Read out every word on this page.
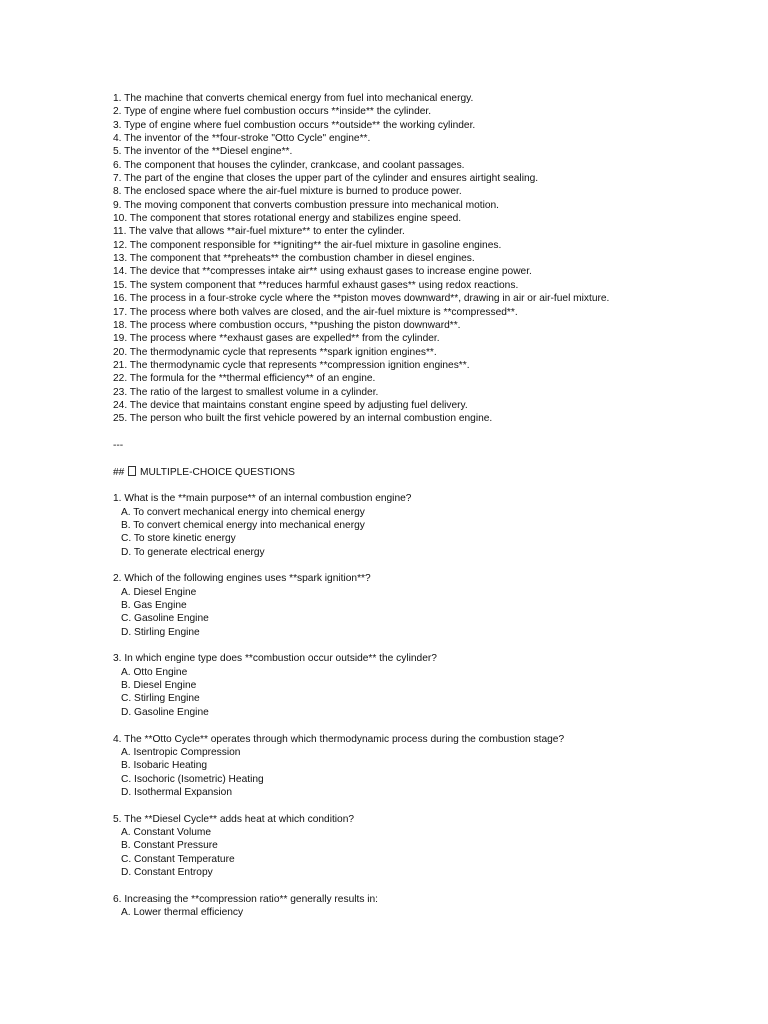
1. The machine that converts chemical energy from fuel into mechanical energy.
2. Type of engine where fuel combustion occurs **inside** the cylinder.
3. Type of engine where fuel combustion occurs **outside** the working cylinder.
4. The inventor of the **four-stroke "Otto Cycle" engine**.
5. The inventor of the **Diesel engine**.
6. The component that houses the cylinder, crankcase, and coolant passages.
7. The part of the engine that closes the upper part of the cylinder and ensures airtight sealing.
8. The enclosed space where the air-fuel mixture is burned to produce power.
9. The moving component that converts combustion pressure into mechanical motion.
10. The component that stores rotational energy and stabilizes engine speed.
11. The valve that allows **air-fuel mixture** to enter the cylinder.
12. The component responsible for **igniting** the air-fuel mixture in gasoline engines.
13. The component that **preheats** the combustion chamber in diesel engines.
14. The device that **compresses intake air** using exhaust gases to increase engine power.
15. The system component that **reduces harmful exhaust gases** using redox reactions.
16. The process in a four-stroke cycle where the **piston moves downward**, drawing in air or air-fuel mixture.
17. The process where both valves are closed, and the air-fuel mixture is **compressed**.
18. The process where combustion occurs, **pushing the piston downward**.
19. The process where **exhaust gases are expelled** from the cylinder.
20. The thermodynamic cycle that represents **spark ignition engines**.
21. The thermodynamic cycle that represents **compression ignition engines**.
22. The formula for the **thermal efficiency** of an engine.
23. The ratio of the largest to smallest volume in a cylinder.
24. The device that maintains constant engine speed by adjusting fuel delivery.
25. The person who built the first vehicle powered by an internal combustion engine.
---
## MULTIPLE-CHOICE QUESTIONS
1. What is the **main purpose** of an internal combustion engine?
A. To convert mechanical energy into chemical energy
B. To convert chemical energy into mechanical energy
C. To store kinetic energy
D. To generate electrical energy
2. Which of the following engines uses **spark ignition**?
A. Diesel Engine
B. Gas Engine
C. Gasoline Engine
D. Stirling Engine
3. In which engine type does **combustion occur outside** the cylinder?
A. Otto Engine
B. Diesel Engine
C. Stirling Engine
D. Gasoline Engine
4. The **Otto Cycle** operates through which thermodynamic process during the combustion stage?
A. Isentropic Compression
B. Isobaric Heating
C. Isochoric (Isometric) Heating
D. Isothermal Expansion
5. The **Diesel Cycle** adds heat at which condition?
A. Constant Volume
B. Constant Pressure
C. Constant Temperature
D. Constant Entropy
6. Increasing the **compression ratio** generally results in:
A. Lower thermal efficiency
